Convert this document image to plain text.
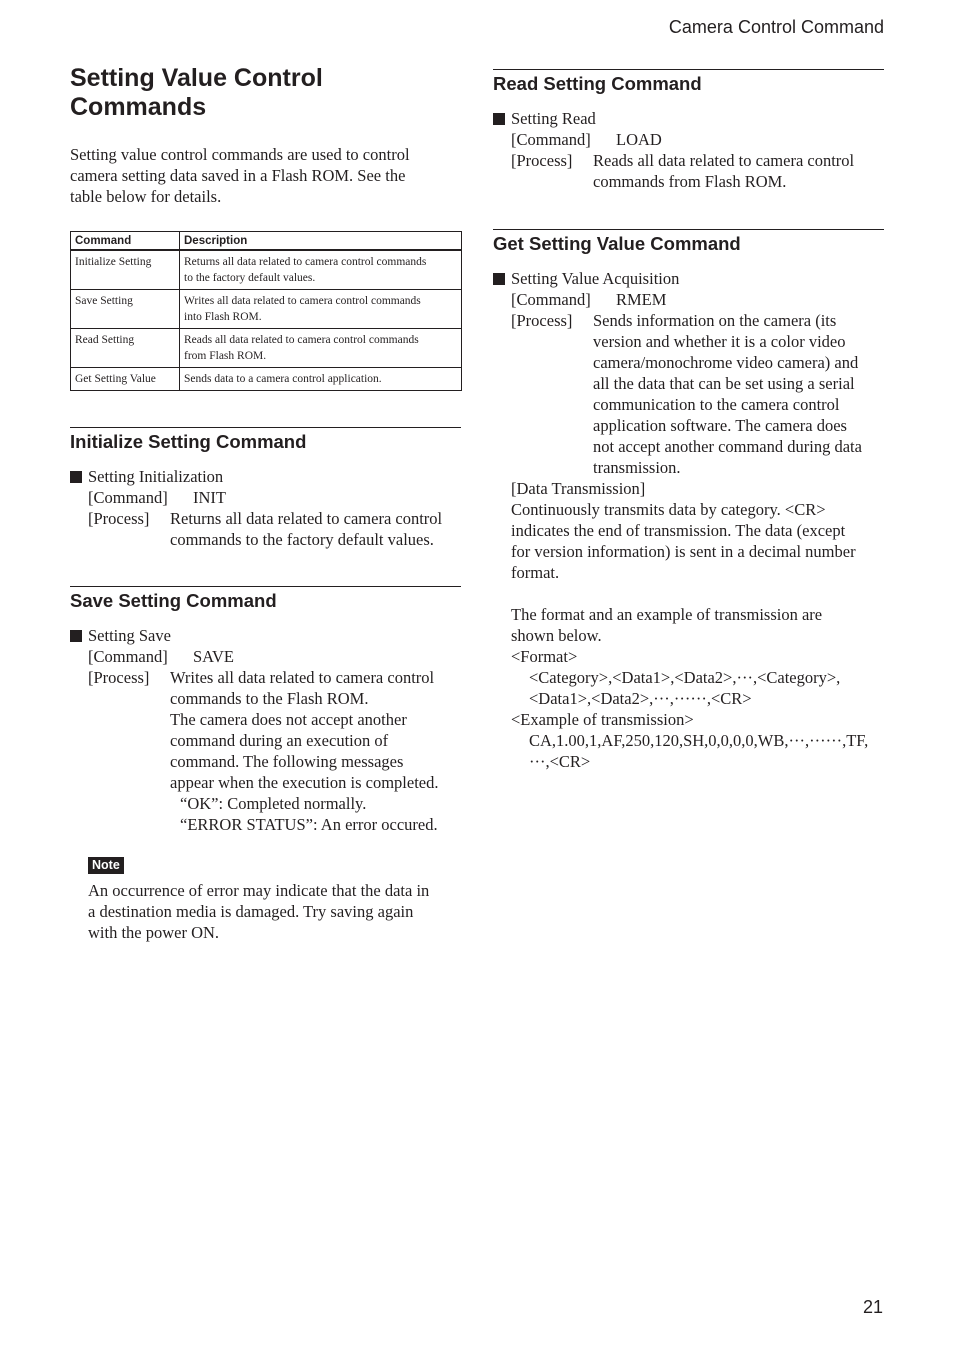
Camera Control Command
Setting Value Control
Commands

Setting value control commands are used to control
camera setting data saved in a Flash ROM. See the
table below for details.

Command	Description
Initialize Setting	Returns all data related to camera control commands
to the factory default values.
Save Setting	Writes all data related to camera control commands
into Flash ROM.
Read Setting	Reads all data related to camera control commands
from Flash ROM.
Get Setting Value	Sends data to a camera control application.
Initialize Setting Command
Setting Initialization
[Command]	INIT
[Process]	Returns all data related to camera control
commands to the factory default values.
Save Setting Command
Setting Save
[Command]	SAVE
[Process]	Writes all data related to camera control
commands to the Flash ROM.
The camera does not accept another
command during an execution of
command. The following messages
appear when the execution is completed.
“OK”: Completed normally.
“ERROR STATUS”: An error occured.
Note
An occurrence of error may indicate that the data in
a destination media is damaged. Try saving again
with the power ON.
Read Setting Command
Setting Read
[Command]	LOAD
[Process]	Reads all data related to camera control
commands from Flash ROM.
Get Setting Value Command
Setting Value Acquisition
[Command]	RMEM
[Process]	Sends information on the camera (its
version and whether it is a color video
camera/monochrome video camera) and
all the data that can be set using a serial
communication to the camera control
application software. The camera does
not accept another command during data
transmission.
[Data Transmission]
Continuously transmits data by category. <CR>
indicates the end of transmission. The data (except
for version information) is sent in a decimal number
format.
The format and an example of transmission are
shown below.
<Format>
<Category>,<Data1>,<Data2>,···,<Category>,
<Data1>,<Data2>,···,······,<CR>
<Example of transmission>
CA,1.00,1,AF,250,120,SH,0,0,0,0,WB,···,······,TF,
···,<CR>
21
